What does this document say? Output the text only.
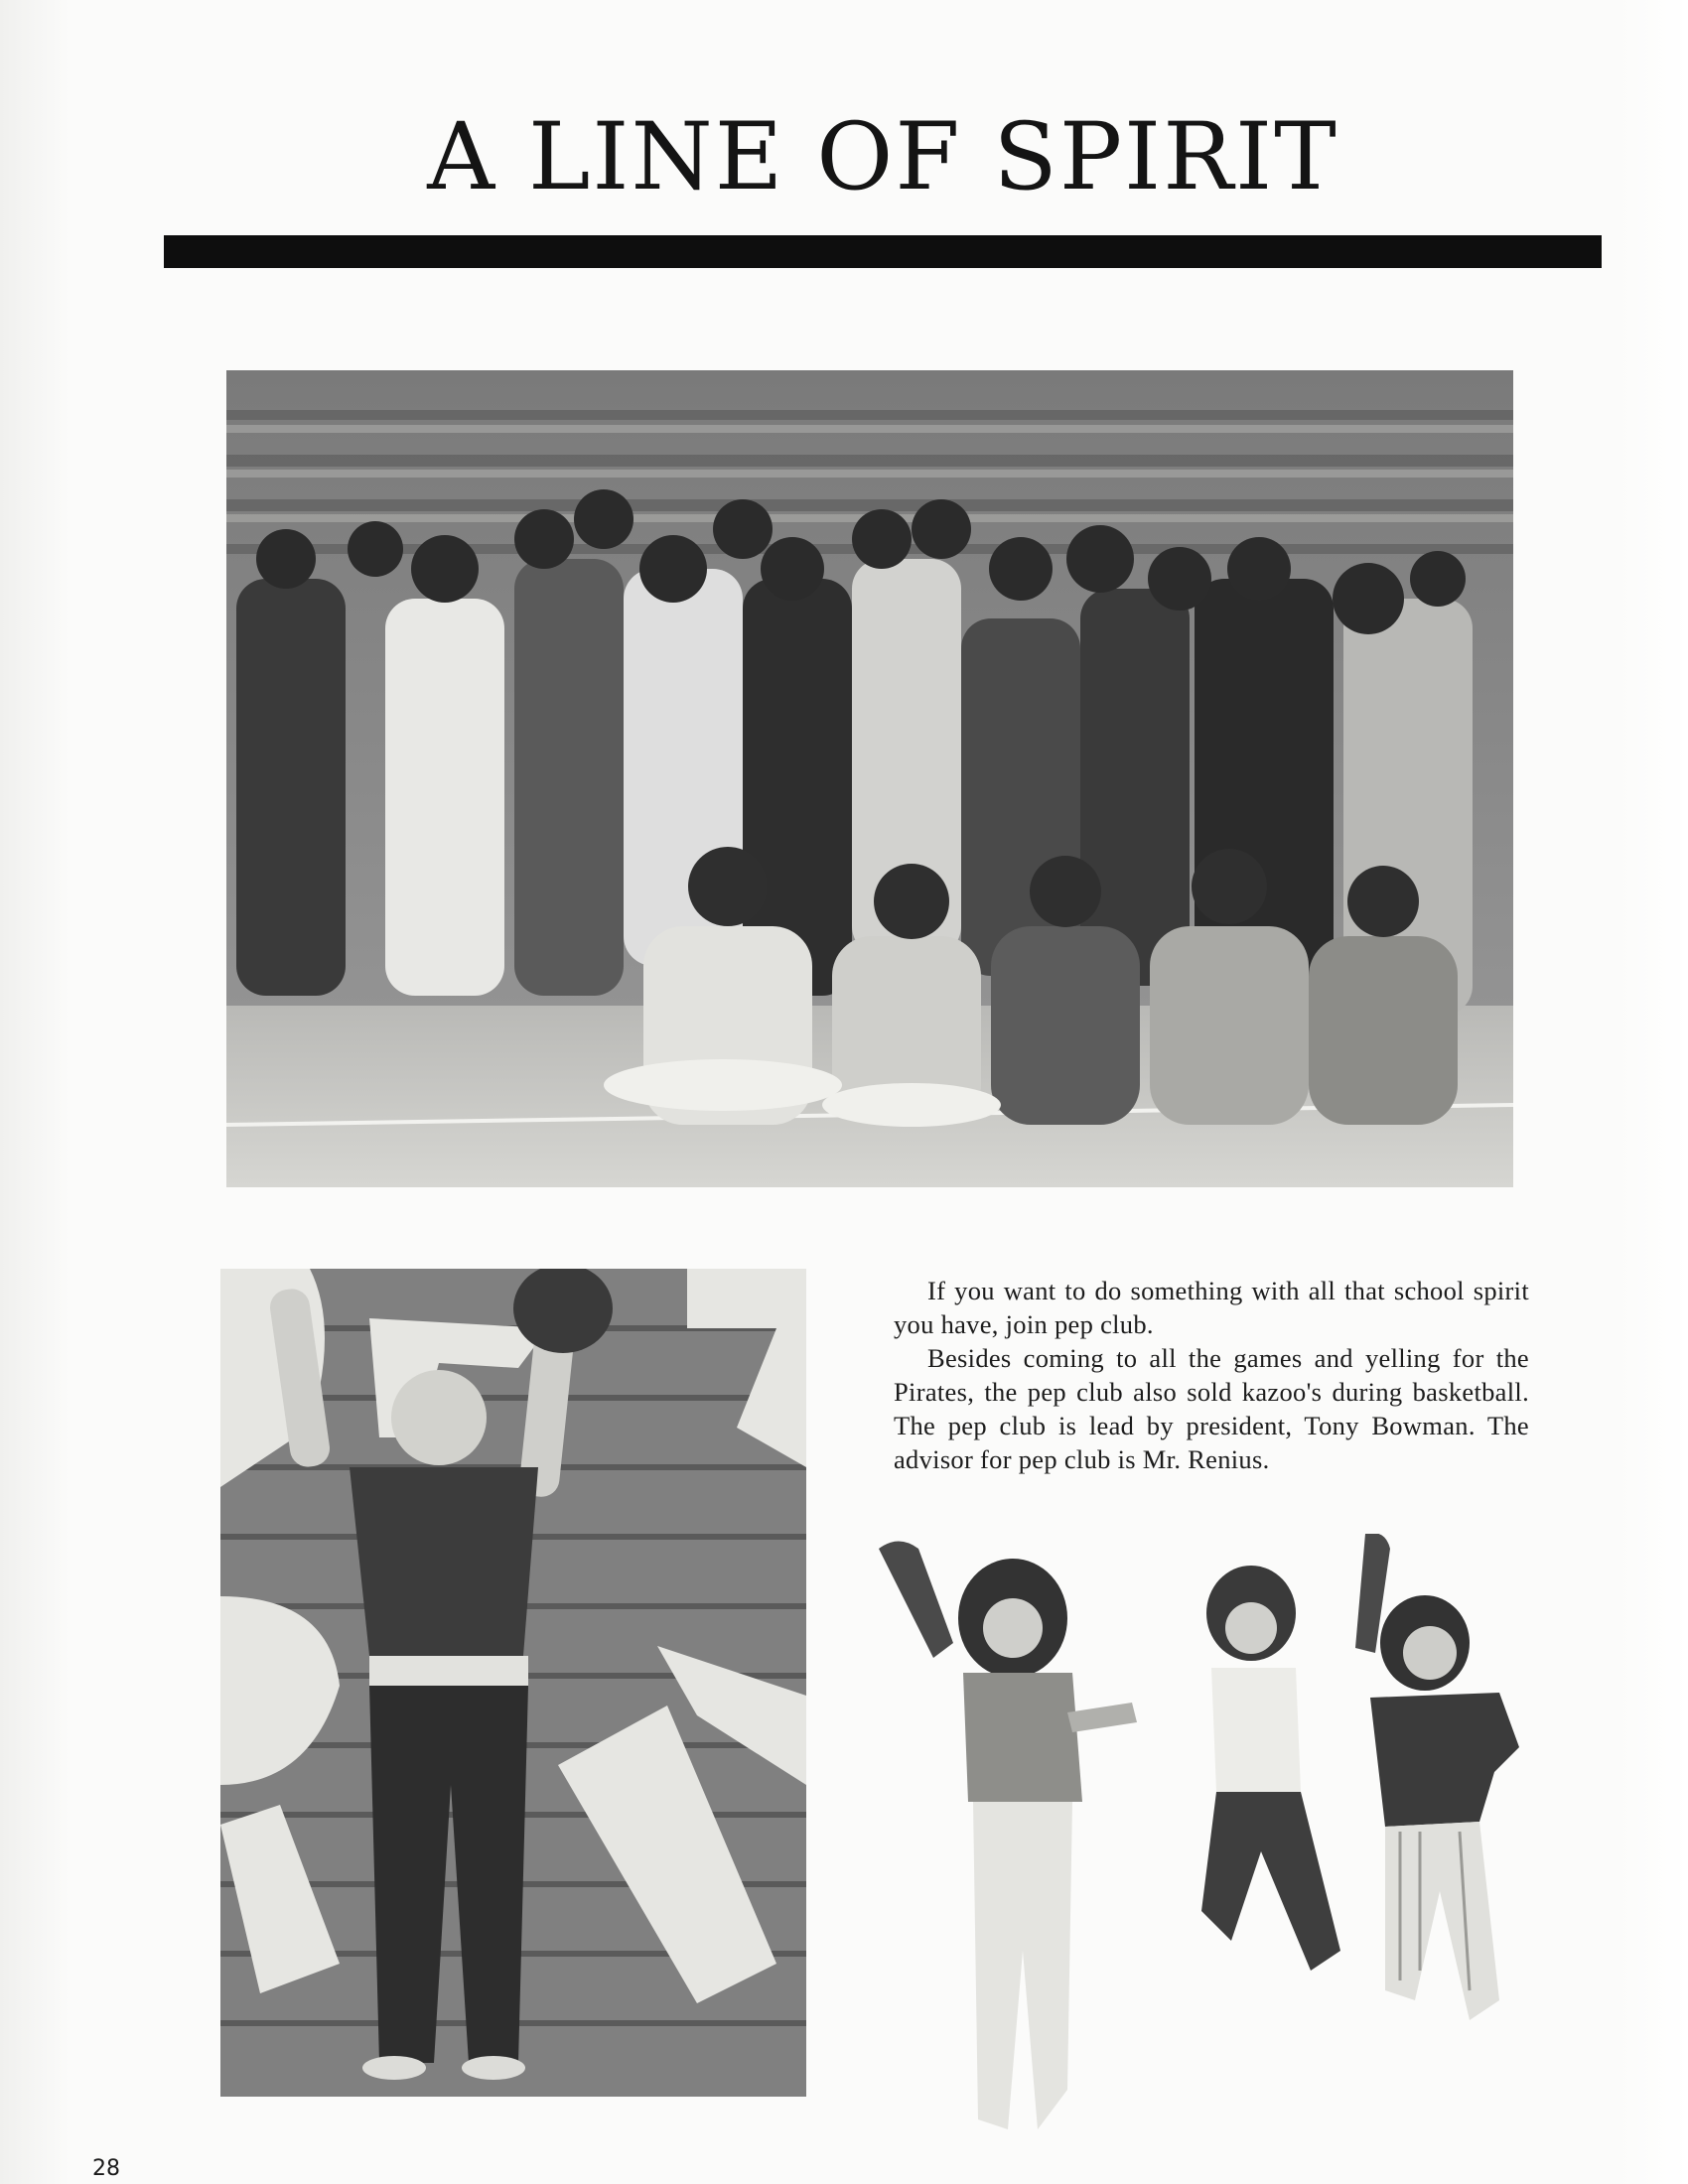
A LINE OF SPIRIT

If you want to do something with all that school spirit you have, join pep club.

Besides coming to all the games and yelling for the Pirates, the pep club also sold kazoo's during basketball. The pep club is lead by president, Tony Bowman. The advisor for pep club is Mr. Renius.

28
